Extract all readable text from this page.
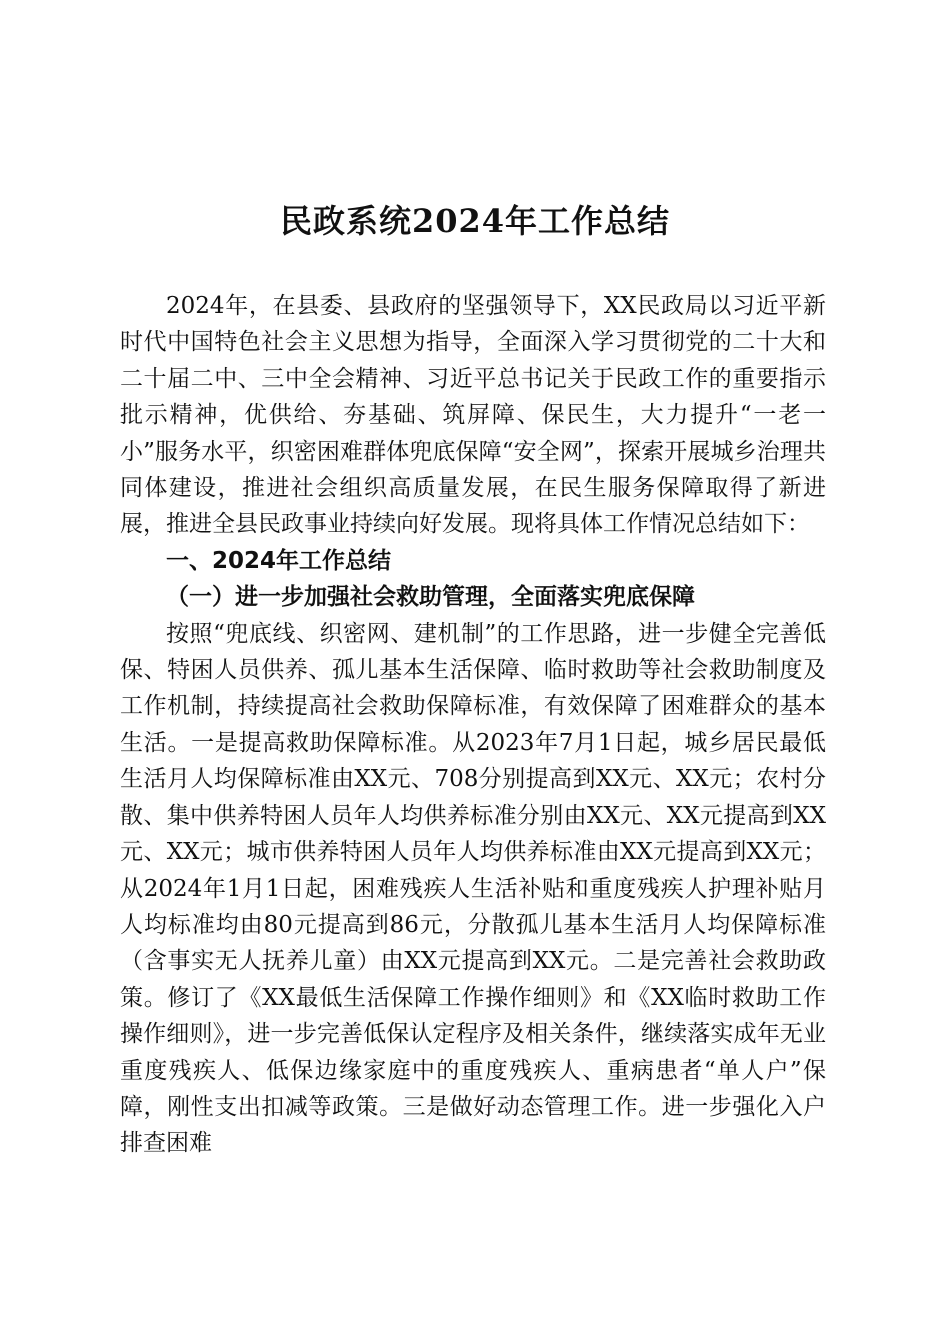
民政系统2024年工作总结

2024年，在县委、县政府的坚强领导下，XX民政局以习近平新时代中国特色社会主义思想为指导，全面深入学习贯彻党的二十大和二十届二中、三中全会精神、习近平总书记关于民政工作的重要指示批示精神，优供给、夯基础、筑屏障、保民生，大力提升“一老一小”服务水平，织密困难群体兜底保障“安全网”，探索开展城乡治理共同体建设，推进社会组织高质量发展，在民生服务保障取得了新进展，推进全县民政事业持续向好发展。现将具体工作情况总结如下：

一、2024年工作总结
（一）进一步加强社会救助管理，全面落实兜底保障

按照“兜底线、织密网、建机制”的工作思路，进一步健全完善低保、特困人员供养、孤儿基本生活保障、临时救助等社会救助制度及工作机制，持续提高社会救助保障标准，有效保障了困难群众的基本生活。一是提高救助保障标准。从2023年7月1日起，城乡居民最低生活月人均保障标准由XX元、708分别提高到XX元、XX元；农村分散、集中供养特困人员年人均供养标准分别由XX元、XX元提高到XX元、XX元；城市供养特困人员年人均供养标准由XX元提高到XX元；从2024年1月1日起，困难残疾人生活补贴和重度残疾人护理补贴月人均标准均由80元提高到86元，分散孤儿基本生活月人均保障标准（含事实无人抚养儿童）由XX元提高到XX元。二是完善社会救助政策。修订了《XX最低生活保障工作操作细则》和《XX临时救助工作操作细则》，进一步完善低保认定程序及相关条件，继续落实成年无业重度残疾人、低保边缘家庭中的重度残疾人、重病患者“单人户”保障，刚性支出扣减等政策。三是做好动态管理工作。进一步强化入户排查困难
